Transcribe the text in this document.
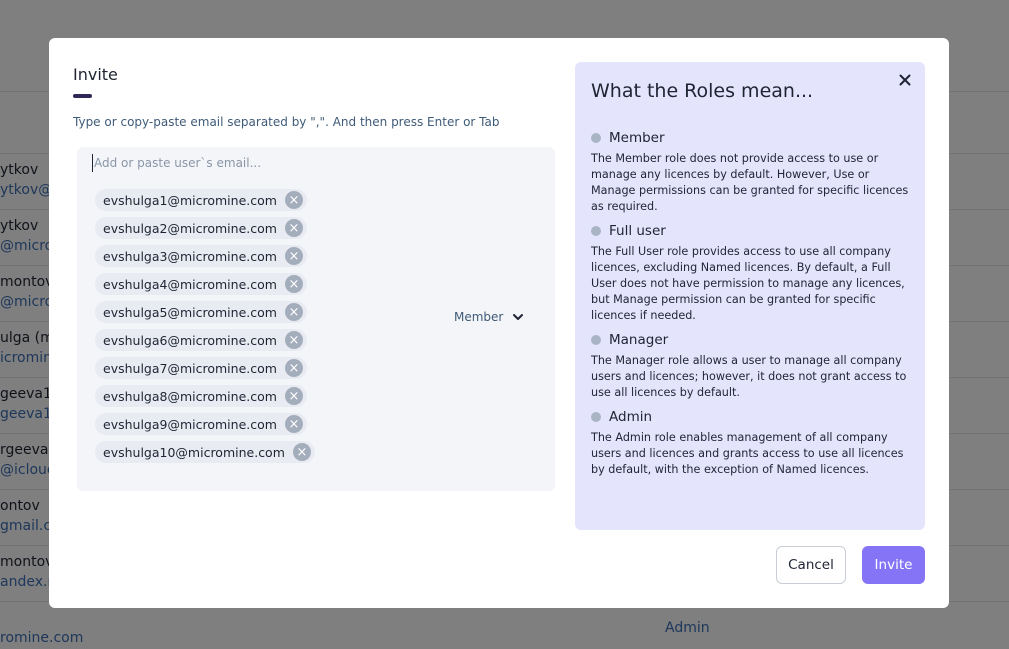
Invite
Type or copy-paste email separated by ",". And then press Enter or Tab
Add or paste user`s email...
evshulga1@micromine.com ×
evshulga2@micromine.com ×
evshulga3@micromine.com ×
evshulga4@micromine.com ×
evshulga5@micromine.com ×
evshulga6@micromine.com ×
evshulga7@micromine.com ×
evshulga8@micromine.com ×
evshulga9@micromine.com ×
evshulga10@micromine.com ×
Member
What the Roles mean...
Member
The Member role does not provide access to use or manage any licences by default. However, Use or Manage permissions can be granted for specific licences as required.
Full user
The Full User role provides access to use all company licences, excluding Named licences. By default, a Full User does not have permission to manage any licences, but Manage permission can be granted for specific licences if needed.
Manager
The Manager role allows a user to manage all company users and licences; however, it does not grant access to use all licences by default.
Admin
The Admin role enables management of all company users and licences and grants access to use all licences by default, with the exception of Named licences.
Cancel	Invite
